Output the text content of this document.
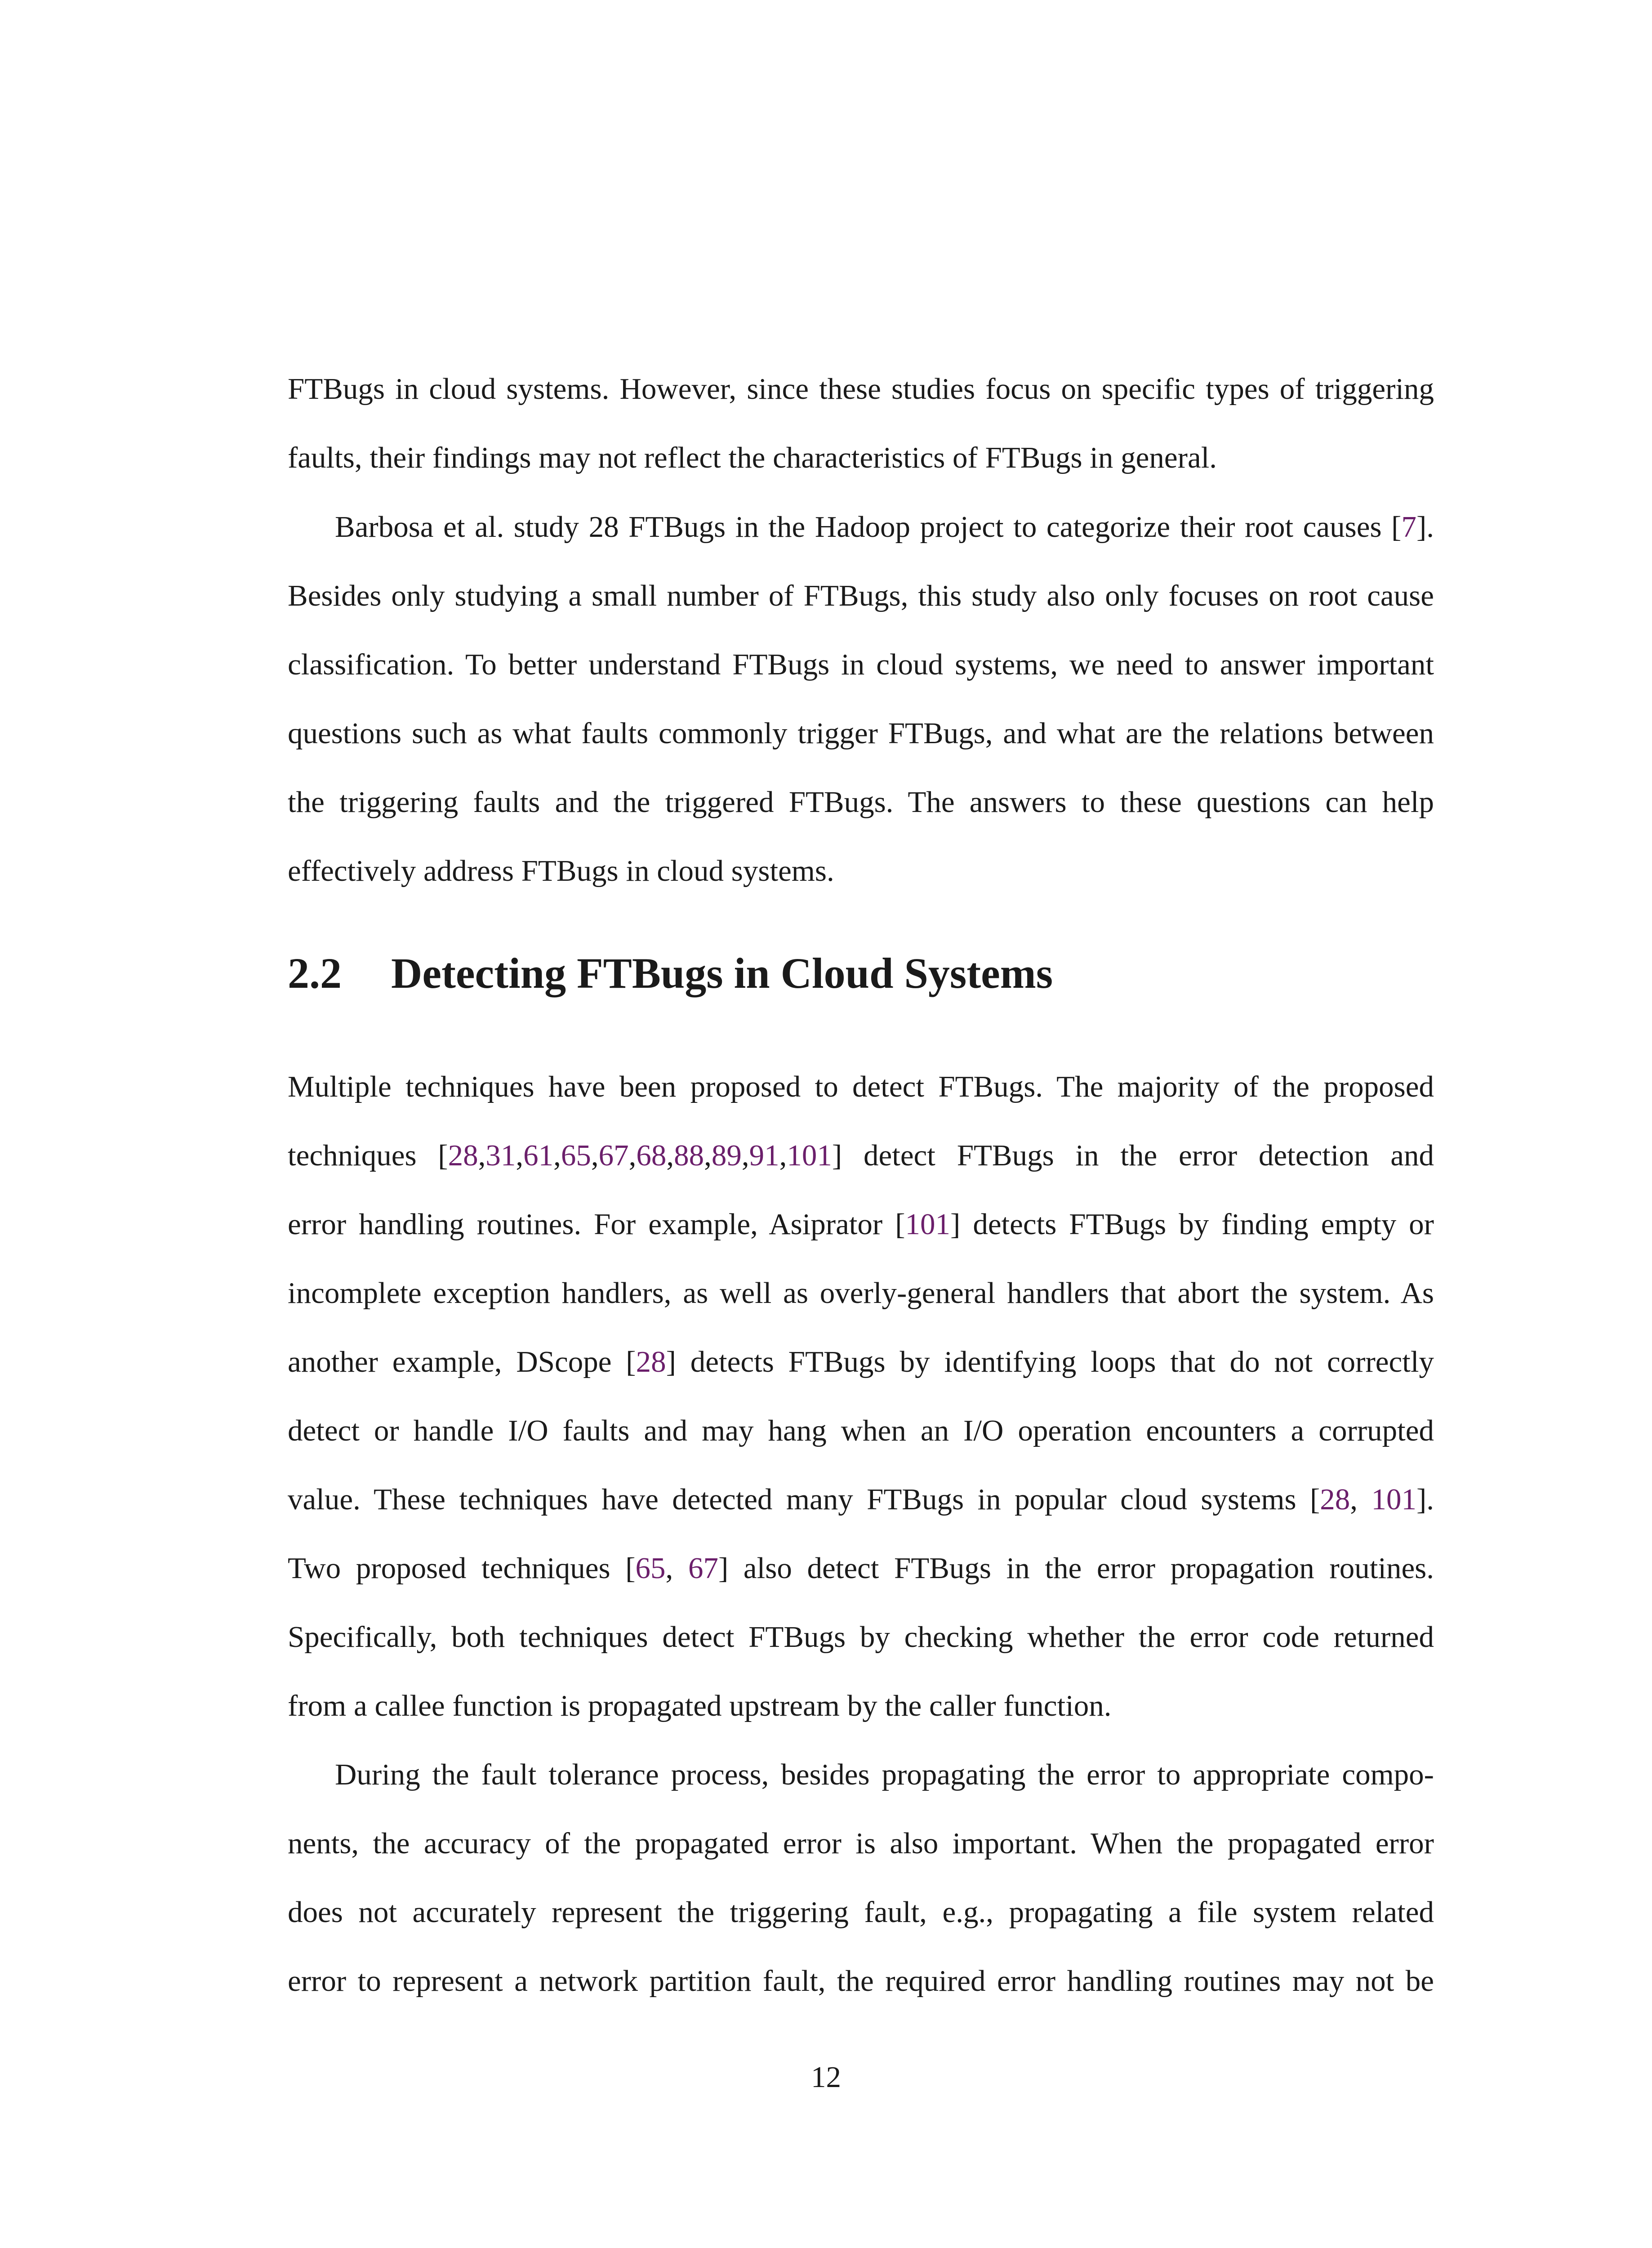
FTBugs in cloud systems. However, since these studies focus on specific types of triggering
faults, their findings may not reflect the characteristics of FTBugs in general.
Barbosa et al. study 28 FTBugs in the Hadoop project to categorize their root causes [7].
Besides only studying a small number of FTBugs, this study also only focuses on root cause
classification. To better understand FTBugs in cloud systems, we need to answer important
questions such as what faults commonly trigger FTBugs, and what are the relations between
the triggering faults and the triggered FTBugs. The answers to these questions can help
effectively address FTBugs in cloud systems.
2.2 Detecting FTBugs in Cloud Systems
Multiple techniques have been proposed to detect FTBugs. The majority of the proposed
techniques [28,31,61,65,67,68,88,89,91,101] detect FTBugs in the error detection and
error handling routines. For example, Asiprator [101] detects FTBugs by finding empty or
incomplete exception handlers, as well as overly-general handlers that abort the system. As
another example, DScope [28] detects FTBugs by identifying loops that do not correctly
detect or handle I/O faults and may hang when an I/O operation encounters a corrupted
value. These techniques have detected many FTBugs in popular cloud systems [28, 101].
Two proposed techniques [65, 67] also detect FTBugs in the error propagation routines.
Specifically, both techniques detect FTBugs by checking whether the error code returned
from a callee function is propagated upstream by the caller function.
During the fault tolerance process, besides propagating the error to appropriate compo-
nents, the accuracy of the propagated error is also important. When the propagated error
does not accurately represent the triggering fault, e.g., propagating a file system related
error to represent a network partition fault, the required error handling routines may not be
12
